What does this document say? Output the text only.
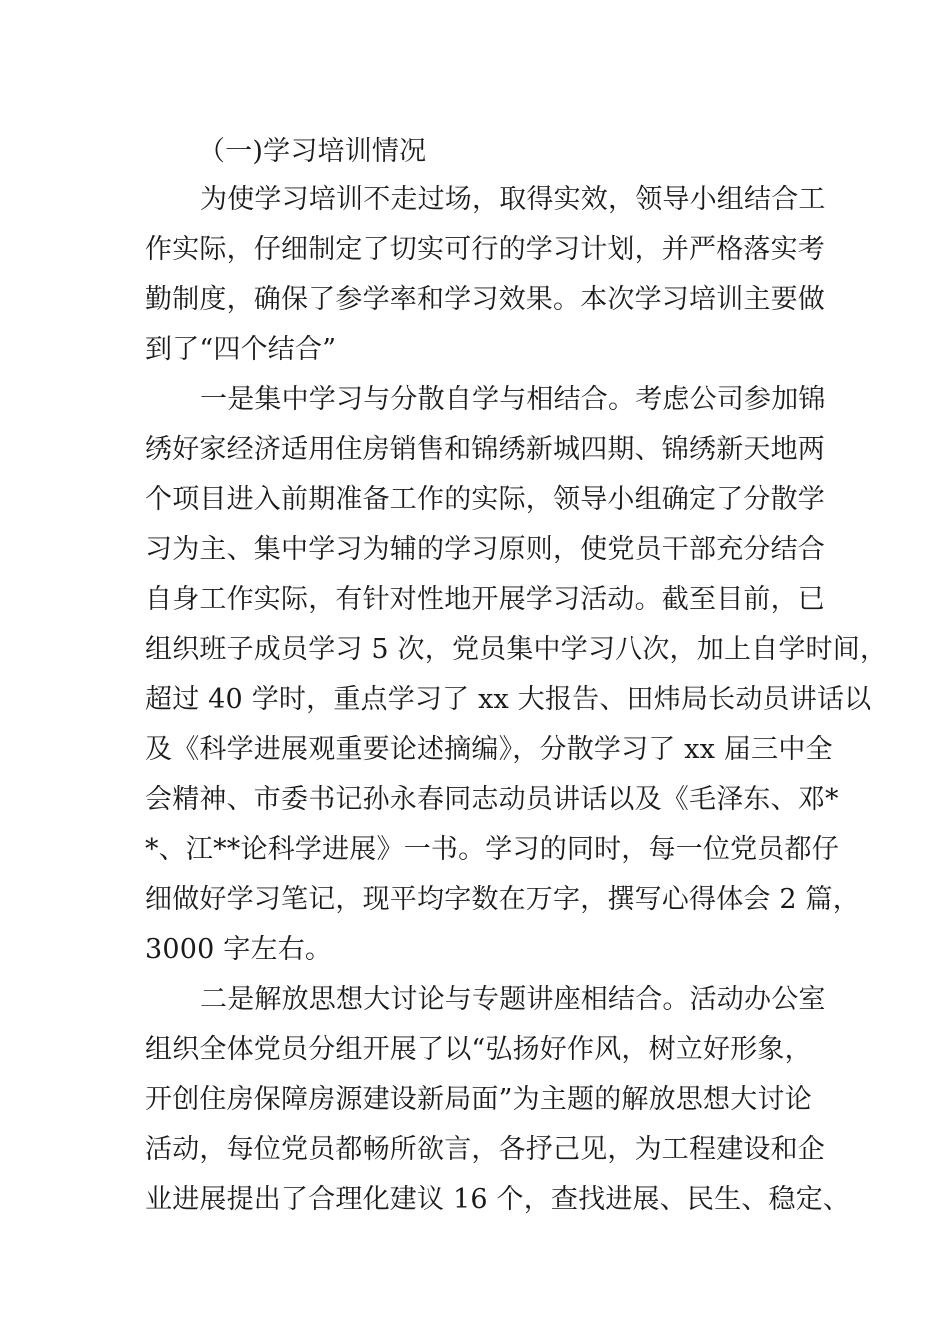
（一)学习培训情况
为使学习培训不走过场，取得实效，领导小组结合工
作实际，仔细制定了切实可行的学习计划，并严格落实考
勤制度，确保了参学率和学习效果。本次学习培训主要做
到了“四个结合”
一是集中学习与分散自学与相结合。考虑公司参加锦
绣好家经济适用住房销售和锦绣新城四期、锦绣新天地两
个项目进入前期准备工作的实际，领导小组确定了分散学
习为主、集中学习为辅的学习原则，使党员干部充分结合
自身工作实际，有针对性地开展学习活动。截至目前，已
组织班子成员学习 5 次，党员集中学习八次，加上自学时间，
超过 40 学时，重点学习了 xx 大报告、田炜局长动员讲话以
及《科学进展观重要论述摘编》，分散学习了 xx 届三中全
会精神、市委书记孙永春同志动员讲话以及《毛泽东、邓*
*、江**论科学进展》一书。学习的同时，每一位党员都仔
细做好学习笔记，现平均字数在万字，撰写心得体会 2 篇，
3000 字左右。
二是解放思想大讨论与专题讲座相结合。活动办公室
组织全体党员分组开展了以“弘扬好作风，树立好形象，
开创住房保障房源建设新局面”为主题的解放思想大讨论
活动，每位党员都畅所欲言，各抒己见，为工程建设和企
业进展提出了合理化建议 16 个，查找进展、民生、稳定、
